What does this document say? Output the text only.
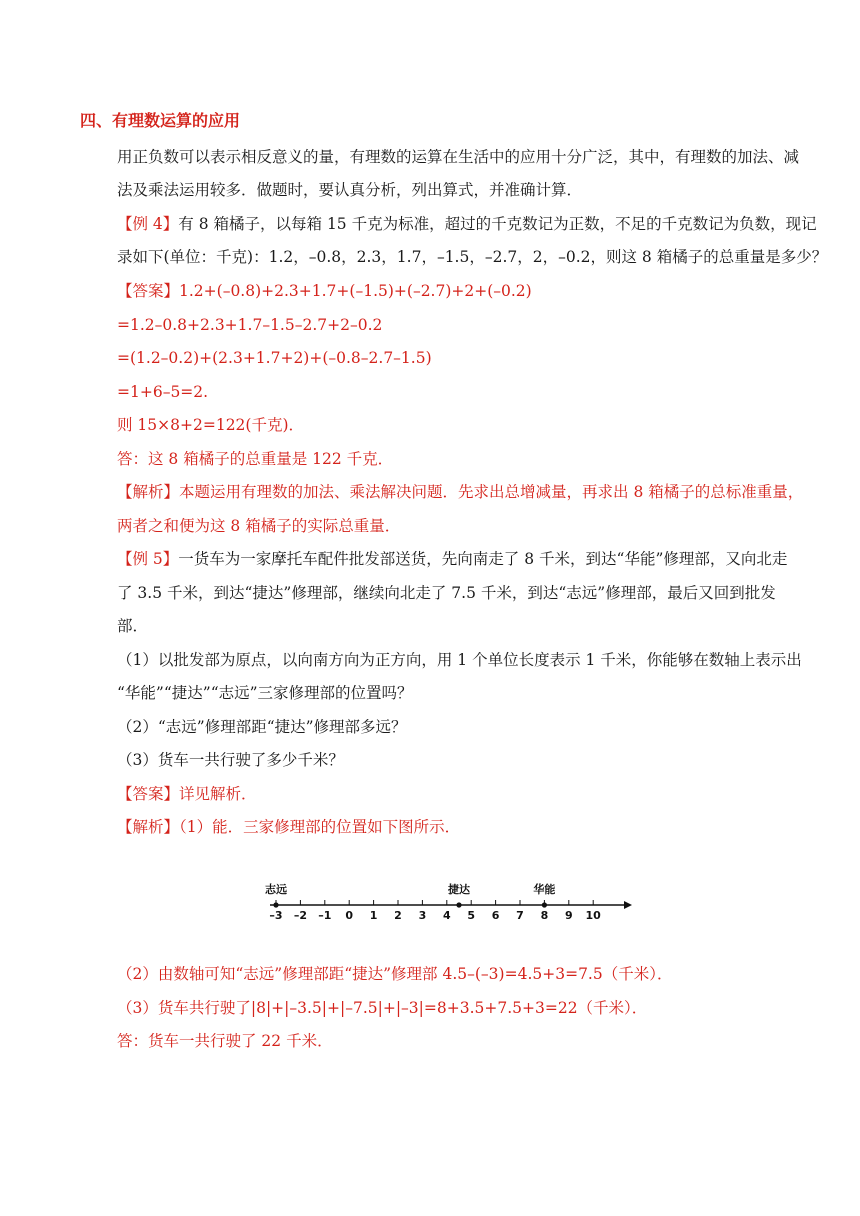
四、有理数运算的应用
用正负数可以表示相反意义的量，有理数的运算在生活中的应用十分广泛，其中，有理数的加法、减
法及乘法运用较多．做题时，要认真分析，列出算式，并准确计算．
【例 4】有 8 箱橘子，以每箱 15 千克为标准，超过的千克数记为正数，不足的千克数记为负数，现记
录如下(单位：千克)：1.2，–0.8，2.3，1.7，–1.5，–2.7，2，–0.2，则这 8 箱橘子的总重量是多少？
【答案】1.2+(–0.8)+2.3+1.7+(–1.5)+(–2.7)+2+(–0.2)
=1.2–0.8+2.3+1.7–1.5–2.7+2–0.2
=(1.2–0.2)+(2.3+1.7+2)+(–0.8–2.7–1.5)
=1+6–5=2.
则 15×8+2=122(千克)．
答：这 8 箱橘子的总重量是 122 千克．
【解析】本题运用有理数的加法、乘法解决问题．先求出总增减量，再求出 8 箱橘子的总标准重量，
两者之和便为这 8 箱橘子的实际总重量．
【例 5】一货车为一家摩托车配件批发部送货，先向南走了 8 千米，到达“华能”修理部，又向北走
了 3.5 千米，到达“捷达”修理部，继续向北走了 7.5 千米，到达“志远”修理部，最后又回到批发
部．
（1）以批发部为原点，以向南方向为正方向，用 1 个单位长度表示 1 千米，你能够在数轴上表示出
“华能”“捷达”“志远”三家修理部的位置吗？
（2）“志远”修理部距“捷达”修理部多远？
（3）货车一共行驶了多少千米？
【答案】详见解析．
【解析】（1）能．三家修理部的位置如下图所示．
–3 –2 –1 0 1 2 3 4 5 6 7 8 9 10
志远	捷达	华能
（2）由数轴可知“志远”修理部距“捷达”修理部 4.5–(–3)=4.5+3=7.5（千米）．
（3）货车共行驶了|8|+|–3.5|+|–7.5|+|–3|=8+3.5+7.5+3=22（千米）．
答：货车一共行驶了 22 千米．
